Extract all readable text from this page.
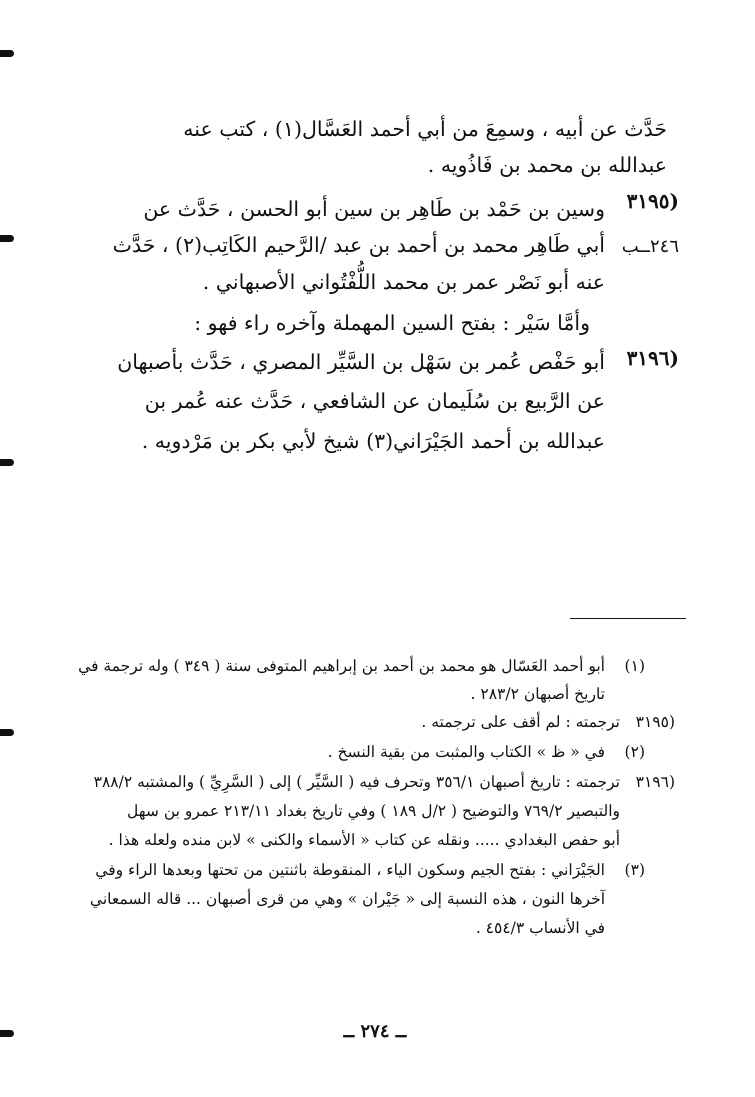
حَدَّث عن أبيه ، وسمِعَ من أبي أحمد العَسَّال(١) ، كتب عنه
عبدالله بن محمد بن فَاذُويه .
(٣١٩٥
وسين بن حَمْد بن طَاهِر بن سين أبو الحسن ، حَدَّث عن
أبي طَاهِر محمد بن أحمد بن عبد /الرَّحيم الكَاتِب(٢) ، حَدَّث ٢٤٦ــب
عنه أبو نَصْر عمر بن محمد اللُّفْتُواني الأصبهاني .
وأمَّا سَيْر : بفتح السين المهملة وآخره راء فهو :
(٣١٩٦
أبو حَفْص عُمر بن سَهْل بن السَّيِّر المصري ، حَدَّث بأصبهان
عن الرَّبيع بن سُلَيمان عن الشافعي ، حَدَّث عنه عُمر بن
عبدالله بن أحمد الجَيْرَاني(٣) شيخ لأبي بكر بن مَرْدويه .
(١)
أبو أحمد العَسّال هو محمد بن أحمد بن إبراهيم المتوفى سنة ( ٣٤٩ ) وله ترجمة في
تاريخ أصبهان ٢٨٣/٢ .
(٣١٩٥
ترجمته : لم أقف على ترجمته .
(٢)
في « ظ » الكتاب والمثبت من بقية النسخ .
(٣١٩٦
ترجمته : تاريخ أصبهان ٣٥٦/١ وتحرف فيه ( السَّيِّر ) إلى ( السَّرِيِّ ) والمشتبه ٣٨٨/٢
والتبصير ٧٦٩/٢ والتوضيح ( ٢/ل ١٨٩ ) وفي تاريخ بغداد ٢١٣/١١ عمرو بن سهل
أبو حفص البغدادي ..... ونقله عن كتاب « الأسماء والكنى » لابن منده ولعله هذا .
(٣)
الجَيْرَاني : بفتح الجيم وسكون الياء ، المنقوطة باثنتين من تحتها وبعدها الراء وفي
آخرها النون ، هذه النسبة إلى « جَيْران » وهي من قرى أصبهان ... قاله السمعاني
في الأنساب ٤٥٤/٣ .
ــ ٢٧٤ ــ
